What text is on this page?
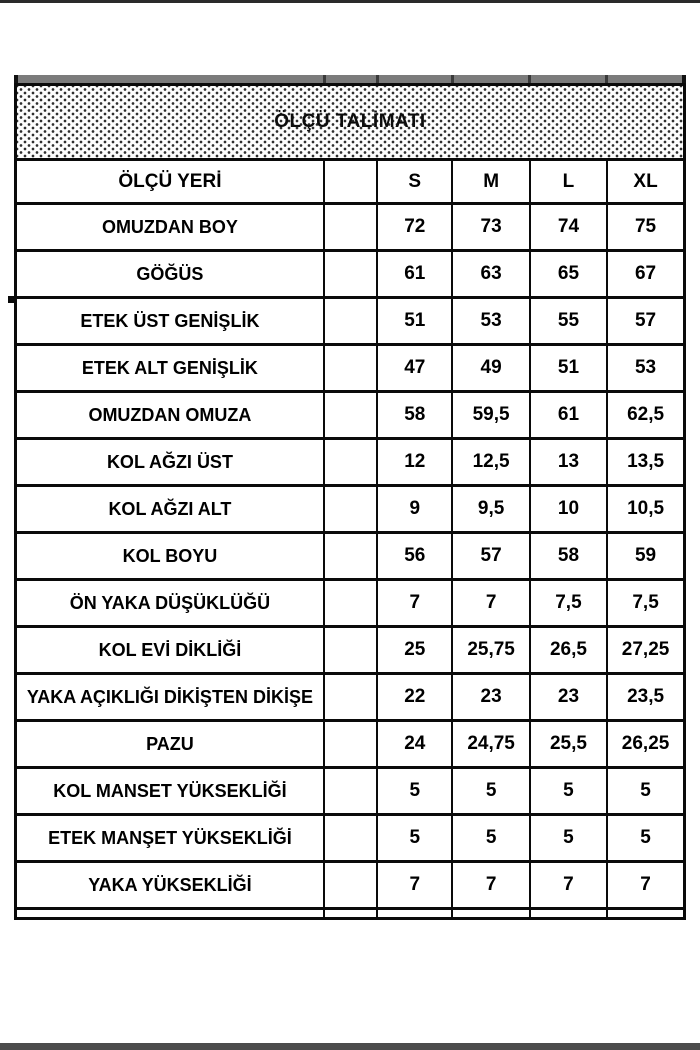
ÖLÇÜ TALİMATI
ÖLÇÜ YERİ		S	M	L	XL
OMUZDAN BOY		72	73	74	75
GÖĞÜS		61	63	65	67
ETEK ÜST GENİŞLİK		51	53	55	57
ETEK ALT GENİŞLİK		47	49	51	53
OMUZDAN OMUZA		58	59,5	61	62,5
KOL AĞZI ÜST		12	12,5	13	13,5
KOL AĞZI ALT		9	9,5	10	10,5
KOL BOYU		56	57	58	59
ÖN YAKA DÜŞÜKLÜĞÜ		7	7	7,5	7,5
KOL EVİ DİKLİĞİ		25	25,75	26,5	27,25
YAKA AÇIKLIĞI DİKİŞTEN DİKİŞE		22	23	23	23,5
PAZU		24	24,75	25,5	26,25
KOL MANSET YÜKSEKLİĞİ		5	5	5	5
ETEK MANŞET YÜKSEKLİĞİ		5	5	5	5
YAKA YÜKSEKLİĞİ		7	7	7	7
